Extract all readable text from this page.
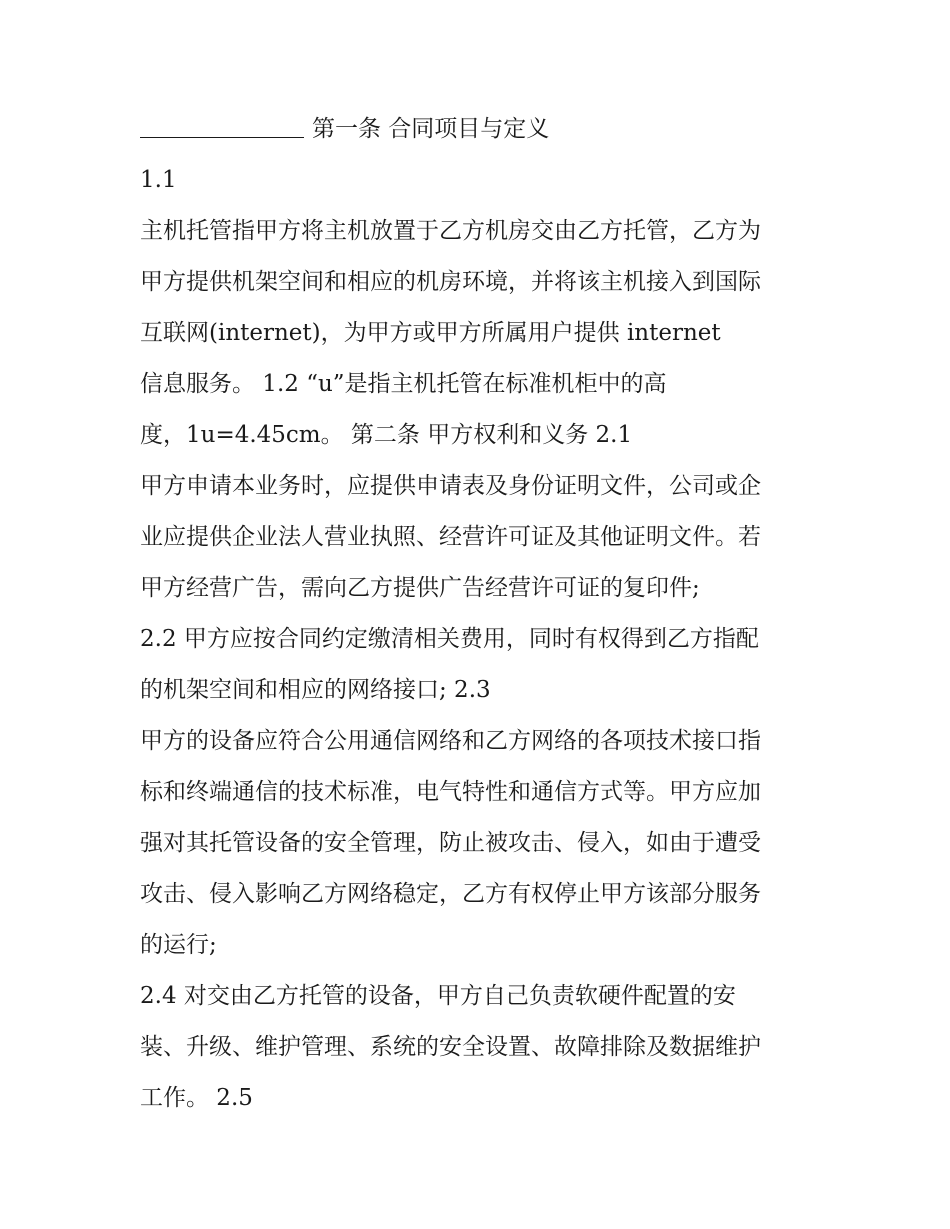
第一条 合同项目与定义
1.1
主机托管指甲方将主机放置于乙方机房交由乙方托管，乙方为
甲方提供机架空间和相应的机房环境，并将该主机接入到国际
互联网(internet)，为甲方或甲方所属用户提供 internet
信息服务。 1.2 “u”是指主机托管在标准机柜中的高
度，1u=4.45cm。 第二条 甲方权利和义务 2.1
甲方申请本业务时，应提供申请表及身份证明文件，公司或企
业应提供企业法人营业执照、经营许可证及其他证明文件。若
甲方经营广告，需向乙方提供广告经营许可证的复印件;
2.2 甲方应按合同约定缴清相关费用，同时有权得到乙方指配
的机架空间和相应的网络接口; 2.3
甲方的设备应符合公用通信网络和乙方网络的各项技术接口指
标和终端通信的技术标准，电气特性和通信方式等。甲方应加
强对其托管设备的安全管理，防止被攻击、侵入，如由于遭受
攻击、侵入影响乙方网络稳定，乙方有权停止甲方该部分服务
的运行;
2.4 对交由乙方托管的设备，甲方自己负责软硬件配置的安
装、升级、维护管理、系统的安全设置、故障排除及数据维护
工作。 2.5
